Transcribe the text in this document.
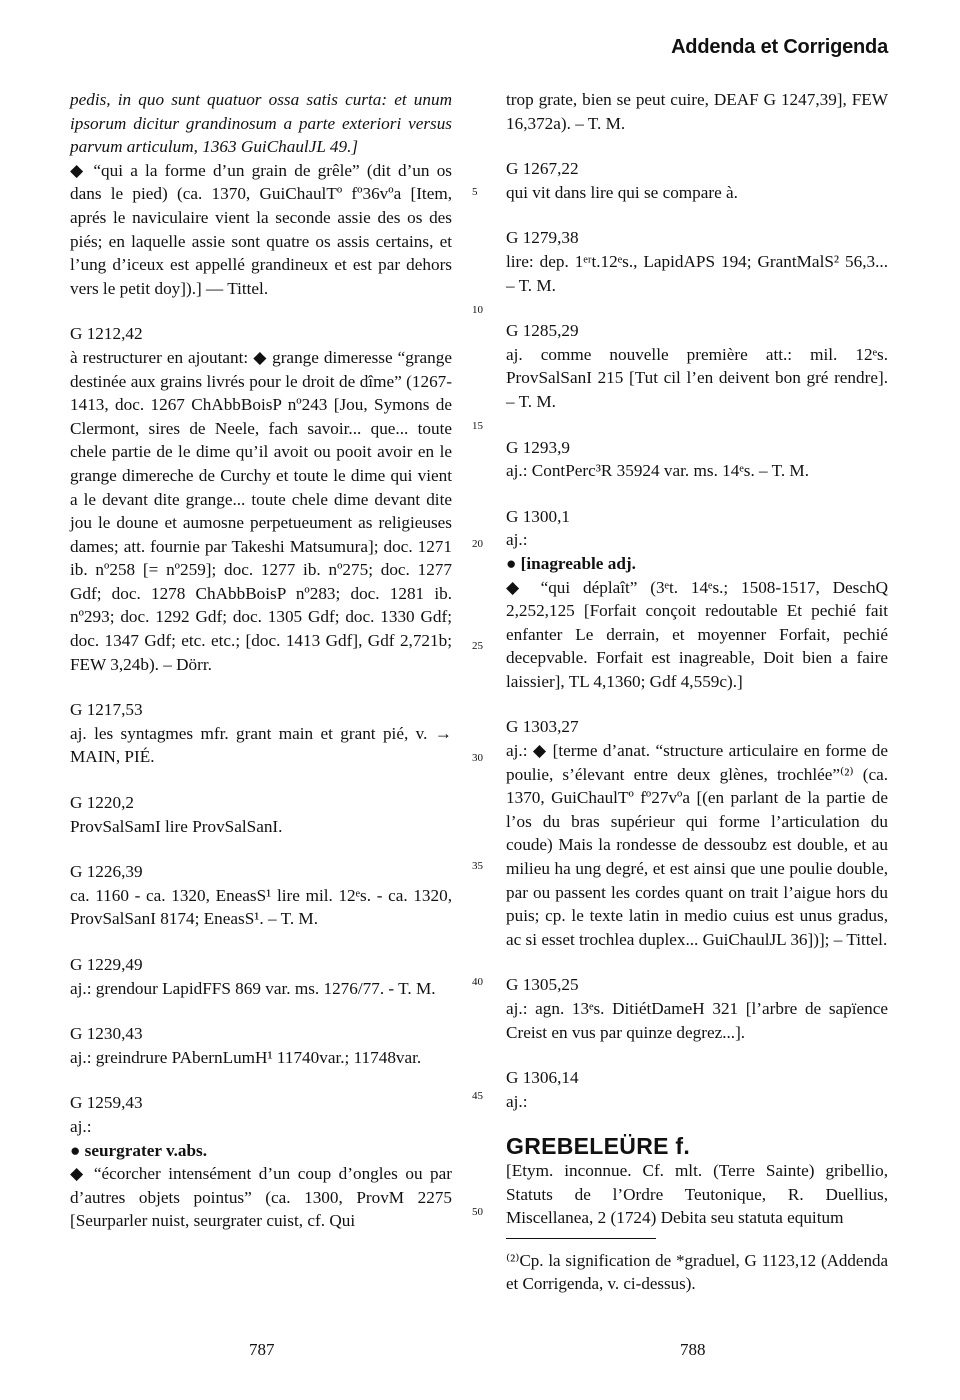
Addenda et Corrigenda
pedis, in quo sunt quatuor ossa satis curta: et unum ipsorum dicitur grandinosum a parte exteriori versus parvum articulum, 1363 GuiChaulJL 49.]
◆ “qui a la forme d’un grain de grêle” (dit d’un os dans le pied) (ca. 1370, GuiChaulTº fº36vºa [Item, aprés le naviculaire vient la seconde assie des os des piés; en laquelle assie sont quatre os assis certains, et l’ung d’iceux est appellé grandineux et est par dehors vers le petit doy]).] — Tittel.
G 1212,42
à restructurer en ajoutant: ◆ grange dimeresse “grange destinée aux grains livrés pour le droit de dîme” (1267-1413, doc. 1267 ChAbbBoisP nº243 [Jou, Symons de Clermont, sires de Neele, fach savoir... que... toute chele partie de le dime qu’il avoit ou pooit avoir en le grange dimereche de Curchy et toute le dime qui vient a le devant dite grange... toute chele dime devant dite jou le doune et aumosne perpetueument as religieuses dames; att. fournie par Takeshi Matsumura]; doc. 1271 ib. nº258 [= nº259]; doc. 1277 ib. nº275; doc. 1277 Gdf; doc. 1278 ChAbbBoisP nº283; doc. 1281 ib. nº293; doc. 1292 Gdf; doc. 1305 Gdf; doc. 1330 Gdf; doc. 1347 Gdf; etc. etc.; [doc. 1413 Gdf], Gdf 2,721b; FEW 3,24b). – Dörr.
G 1217,53
aj. les syntagmes mfr. grant main et grant pié, v. → MAIN, PIÉ.
G 1220,2
ProvSalSamI lire ProvSalSanI.
G 1226,39
ca. 1160 - ca. 1320, EneasS¹ lire mil. 12ᵉs. - ca. 1320, ProvSalSanI 8174; EneasS¹. – T. M.
G 1229,49
aj.: grendour LapidFFS 869 var. ms. 1276/77. - T. M.
G 1230,43
aj.: greindrure PAbernLumH¹ 11740var.; 11748var.
G 1259,43
aj.:
● seurgrater v.abs.
◆ “écorcher intensément d’un coup d’ongles ou par d’autres objets pointus” (ca. 1300, ProvM 2275 [Seurparler nuist, seurgrater cuist, cf. Qui
5
10
15
20
25
30
35
40
45
50
trop grate, bien se peut cuire, DEAF G 1247,39], FEW 16,372a). – T. M.
G 1267,22
qui vit dans lire qui se compare à.
G 1279,38
lire: dep. 1ᵉʳt.12ᵉs., LapidAPS 194; GrantMalS² 56,3... – T. M.
G 1285,29
aj. comme nouvelle première att.: mil. 12ᵉs. ProvSalSanI 215 [Tut cil l’en deivent bon gré rendre]. – T. M.
G 1293,9
aj.: ContPerc³R 35924 var. ms. 14ᵉs. – T. M.
G 1300,1
aj.:
● [inagreable adj.
◆ “qui déplaît” (3ᵉt. 14ᵉs.; 1508-1517, DeschQ 2,252,125 [Forfait conçoit redoutable Et pechié fait enfanter Le derrain, et moyenner Forfait, pechié decepvable. Forfait est inagreable, Doit bien a faire laissier], TL 4,1360; Gdf 4,559c).]
G 1303,27
aj.: ◆ [terme d’anat. “structure articulaire en forme de poulie, s’élevant entre deux glènes, trochlée”⁽²⁾ (ca. 1370, GuiChaulTº fº27vºa [(en parlant de la partie de l’os du bras supérieur qui forme l’articulation du coude) Mais la rondesse de dessoubz est double, et au milieu ha ung degré, et est ainsi que une poulie double, par ou passent les cordes quant on trait l’aigue hors du puis; cp. le texte latin in medio cuius est unus gradus, ac si esset trochlea duplex... GuiChaulJL 36])]; – Tittel.
G 1305,25
aj.: agn. 13ᵉs. DitiétDameH 321 [l’arbre de sapïence Creist en vus par quinze degrez...].
G 1306,14
aj.:
GREBELEÜRE f.
[Etym. inconnue. Cf. mlt. (Terre Sainte) gribellio, Statuts de l’Ordre Teutonique, R. Duellius, Miscellanea, 2 (1724) Debita seu statuta equitum
⁽²⁾Cp. la signification de *graduel, G 1123,12 (Addenda et Corrigenda, v. ci-dessus).
787	788
